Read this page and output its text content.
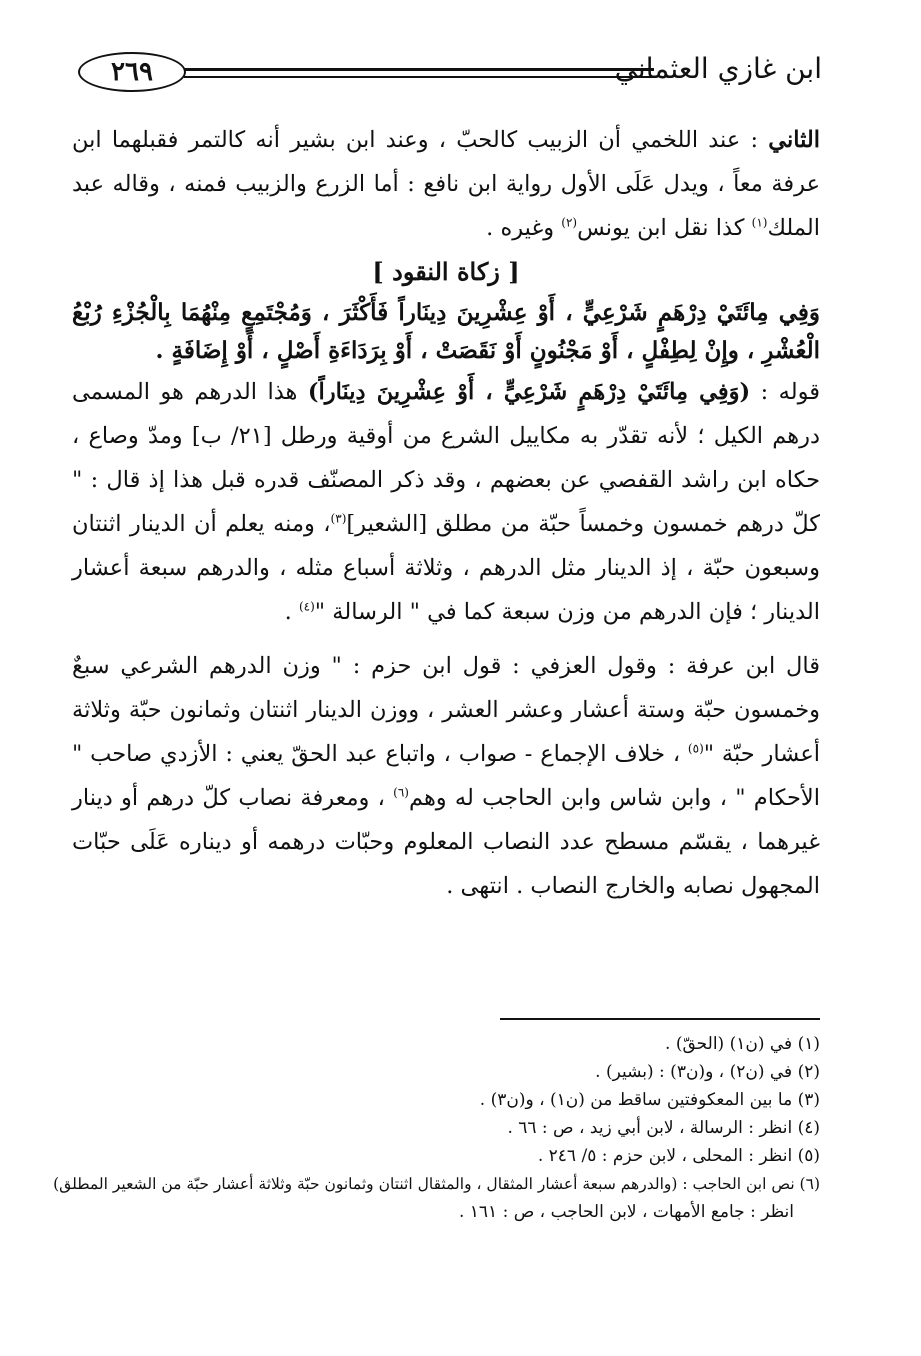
٢٦٩	ابن غازي العثماني

الثاني : عند اللخمي أن الزبيب كالحبّ ، وعند ابن بشير أنه كالتمر فقبلهما ابن عرفة معاً ، ويدل عَلَى الأول رواية ابن نافع : أما الزرع والزبيب فمنه ، وقاله عبد الملك$^{(١)}$ كذا نقل ابن يونس$^{(٢)}$ وغيره .

[ زكاة النقود ]

وَفِي مِائَتَيْ دِرْهَمٍ شَرْعِيٍّ ، أَوْ عِشْرِينَ دِينَاراً فَأَكْثَرَ ، وَمُجْتَمِعٍ مِنْهُمَا بِالْجُزْءِ رُبْعُ الْعُشْرِ ، وإِنْ لِطِفْلٍ ، أَوْ مَجْنُونٍ أَوْ نَقَصَتْ ، أَوْ بِرَدَاءَةِ أَصْلٍ ، أَوْ إِضَافَةٍ .

قوله : (وَفِي مِائَتَيْ دِرْهَمٍ شَرْعِيٍّ ، أَوْ عِشْرِينَ دِينَاراً) هذا الدرهم هو المسمى درهم الكيل ؛ لأنه تقدّر به مكاييل الشرع من أوقية ورطل [٢١/ ب] ومدّ وصاع ، حكاه ابن راشد القفصي عن بعضهم ، وقد ذكر المصنّف قدره قبل هذا إذ قال : " كلّ درهم خمسون وخمساً حبّة من مطلق [الشعير]$^{(٣)}$، ومنه يعلم أن الدينار اثنتان وسبعون حبّة ، إذ الدينار مثل الدرهم ، وثلاثة أسباع مثله ، والدرهم سبعة أعشار الدينار ؛ فإن الدرهم من وزن سبعة كما في " الرسالة "$^{(٤)}$ .

قال ابن عرفة : وقول العزفي : قول ابن حزم : " وزن الدرهم الشرعي سبعٌ وخمسون حبّة وستة أعشار وعشر العشر ، ووزن الدينار اثنتان وثمانون حبّة وثلاثة أعشار حبّة "$^{(٥)}$ ، خلاف الإجماع - صواب ، واتباع عبد الحقّ يعني : الأزدي صاحب " الأحكام " ، وابن شاس وابن الحاجب له وهم$^{(٦)}$ ، ومعرفة نصاب كلّ درهم أو دينار غيرهما ، يقسّم مسطح عدد النصاب المعلوم وحبّات درهمه أو ديناره عَلَى حبّات المجهول نصابه والخارج النصاب . انتهى .

(١) في (ن١) (الحقّ) .

(٢) في (ن٢) ، و(ن٣) : (بشير) .

(٣) ما بين المعكوفتين ساقط من (ن١) ، و(ن٣) .

(٤) انظر : الرسالة ، لابن أبي زيد ، ص : ٦٦ .

(٥) انظر : المحلى ، لابن حزم : ٥/ ٢٤٦ .

(٦) نص ابن الحاجب : (والدرهم سبعة أعشار المثقال ، والمثقال اثنتان وثمانون حبّة وثلاثة أعشار حبّة من الشعير المطلق)

انظر : جامع الأمهات ، لابن الحاجب ، ص : ١٦١ .
